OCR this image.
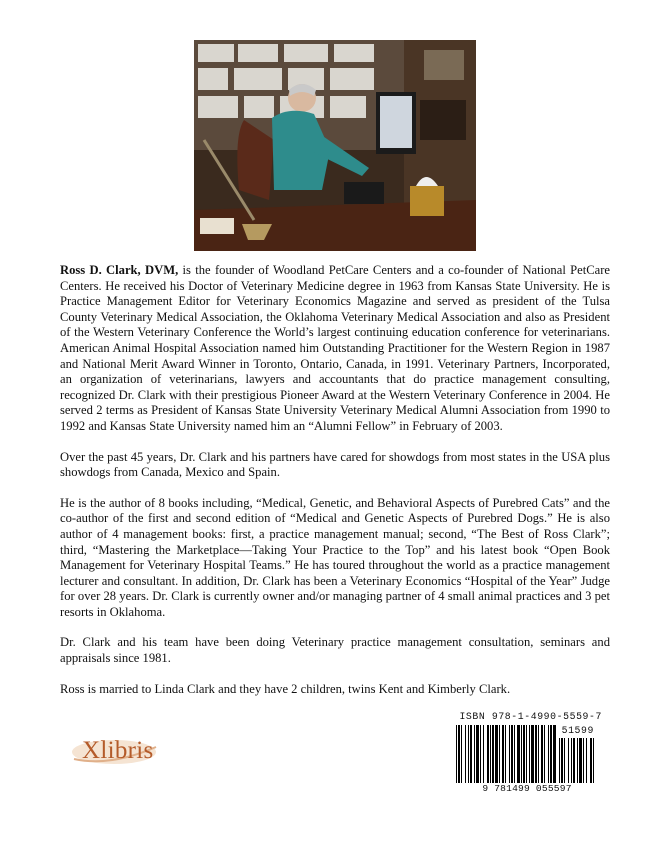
Ross D. Clark, DVM, is the founder of Woodland PetCare Centers and a co-founder of National PetCare Centers. He received his Doctor of Veterinary Medicine degree in 1963 from Kansas State University. He is Practice Management Editor for Veterinary Economics Magazine and served as president of the Tulsa County Veterinary Medical Association, the Oklahoma Veterinary Medical Association and also as President of the Western Veterinary Conference the World’s largest continuing education conference for veterinarians. American Animal Hospital Association named him Outstanding Practitioner for the Western Region in 1987 and National Merit Award Winner in Toronto, Ontario, Canada, in 1991. Veterinary Partners, Incorporated, an organization of veterinarians, lawyers and accountants that do practice management consulting, recognized Dr. Clark with their prestigious Pioneer Award at the Western Veterinary Conference in 2004. He served 2 terms as President of Kansas State University Veterinary Medical Alumni Association from 1990 to 1992 and Kansas State University named him an “Alumni Fellow” in February of 2003.

Over the past 45 years, Dr. Clark and his partners have cared for showdogs from most states in the USA plus showdogs from Canada, Mexico and Spain.

He is the author of 8 books including, “Medical, Genetic, and Behavioral Aspects of Purebred Cats” and the co-author of the first and second edition of “Medical and Genetic Aspects of Purebred Dogs.” He is also author of 4 management books: first, a practice management manual; second, “The Best of Ross Clark”; third, “Mastering the Marketplace—Taking Your Practice to the Top” and his latest book “Open Book Management for Veterinary Hospital Teams.” He has toured throughout the world as a practice management lecturer and consultant. In addition, Dr. Clark has been a Veterinary Economics “Hospital of the Year” Judge for over 28 years. Dr. Clark is currently owner and/or managing partner of 4 small animal practices and 3 pet resorts in Oklahoma.

Dr. Clark and his team have been doing Veterinary practice management consultation, seminars and appraisals since 1981.

Ross is married to Linda Clark and they have 2 children, twins Kent and Kimberly Clark.

Xlibris
ISBN 978-1-4990-5559-7
51599
9 781499 055597
